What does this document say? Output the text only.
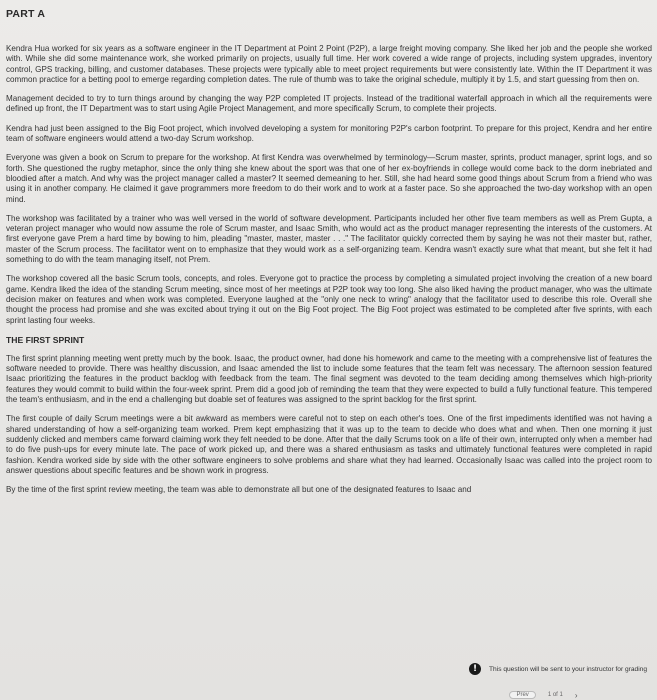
PART A

Kendra Hua worked for six years as a software engineer in the IT Department at Point 2 Point (P2P), a large freight moving company. She liked her job and the people she worked with. While she did some maintenance work, she worked primarily on projects, usually full time. Her work covered a wide range of projects, including system upgrades, inventory control, GPS tracking, billing, and customer databases. These projects were typically able to meet project requirements but were consistently late. Within the IT Department it was common practice for a betting pool to emerge regarding completion dates. The rule of thumb was to take the original schedule, multiply it by 1.5, and start guessing from then on.

Management decided to try to turn things around by changing the way P2P completed IT projects. Instead of the traditional waterfall approach in which all the requirements were defined up front, the IT Department was to start using Agile Project Management, and more specifically Scrum, to complete their projects.

Kendra had just been assigned to the Big Foot project, which involved developing a system for monitoring P2P's carbon footprint. To prepare for this project, Kendra and her entire team of software engineers would attend a two-day Scrum workshop.

Everyone was given a book on Scrum to prepare for the workshop. At first Kendra was overwhelmed by terminology—Scrum master, sprints, product manager, sprint logs, and so forth. She questioned the rugby metaphor, since the only thing she knew about the sport was that one of her ex-boyfriends in college would come back to the dorm inebriated and bloodied after a match. And why was the project manager called a master? It seemed demeaning to her. Still, she had heard some good things about Scrum from a friend who was using it in another company. He claimed it gave programmers more freedom to do their work and to work at a faster pace. So she approached the two-day workshop with an open mind.

The workshop was facilitated by a trainer who was well versed in the world of software development. Participants included her other five team members as well as Prem Gupta, a veteran project manager who would now assume the role of Scrum master, and Isaac Smith, who would act as the product manager representing the interests of the customers. At first everyone gave Prem a hard time by bowing to him, pleading "master, master, master . . ." The facilitator quickly corrected them by saying he was not their master but, rather, master of the Scrum process. The facilitator went on to emphasize that they would work as a self-organizing team. Kendra wasn't exactly sure what that meant, but she felt it had something to do with the team managing itself, not Prem.

The workshop covered all the basic Scrum tools, concepts, and roles. Everyone got to practice the process by completing a simulated project involving the creation of a new board game. Kendra liked the idea of the standing Scrum meeting, since most of her meetings at P2P took way too long. She also liked having the product manager, who was the ultimate decision maker on features and when work was completed. Everyone laughed at the "only one neck to wring" analogy that the facilitator used to describe this role. Overall she thought the process had promise and she was excited about trying it out on the Big Foot project. The Big Foot project was estimated to be completed after five sprints, with each sprint lasting four weeks.

THE FIRST SPRINT

The first sprint planning meeting went pretty much by the book. Isaac, the product owner, had done his homework and came to the meeting with a comprehensive list of features the software needed to provide. There was healthy discussion, and Isaac amended the list to include some features that the team felt was necessary. The afternoon session featured Isaac prioritizing the features in the product backlog with feedback from the team. The final segment was devoted to the team deciding among themselves which high-priority features they would commit to build within the four-week sprint. Prem did a good job of reminding the team that they were expected to build a fully functional feature. This tempered the team's enthusiasm, and in the end a challenging but doable set of features was assigned to the sprint backlog for the first sprint.

The first couple of daily Scrum meetings were a bit awkward as members were careful not to step on each other's toes. One of the first impediments identified was not having a shared understanding of how a self-organizing team worked. Prem kept emphasizing that it was up to the team to decide who does what and when. Then one morning it just suddenly clicked and members came forward claiming work they felt needed to be done. After that the daily Scrums took on a life of their own, interrupted only when a member had to do five push-ups for every minute late. The pace of work picked up, and there was a shared enthusiasm as tasks and ultimately functional features were completed in rapid fashion. Kendra worked side by side with the other software engineers to solve problems and share what they had learned. Occasionally Isaac was called into the project room to answer questions about specific features and be shown work in progress.

By the time of the first sprint review meeting, the team was able to demonstrate all but one of the designated features to Isaac and

!	This question will be sent to your instructor for grading
Prev	1 of 1 ›
